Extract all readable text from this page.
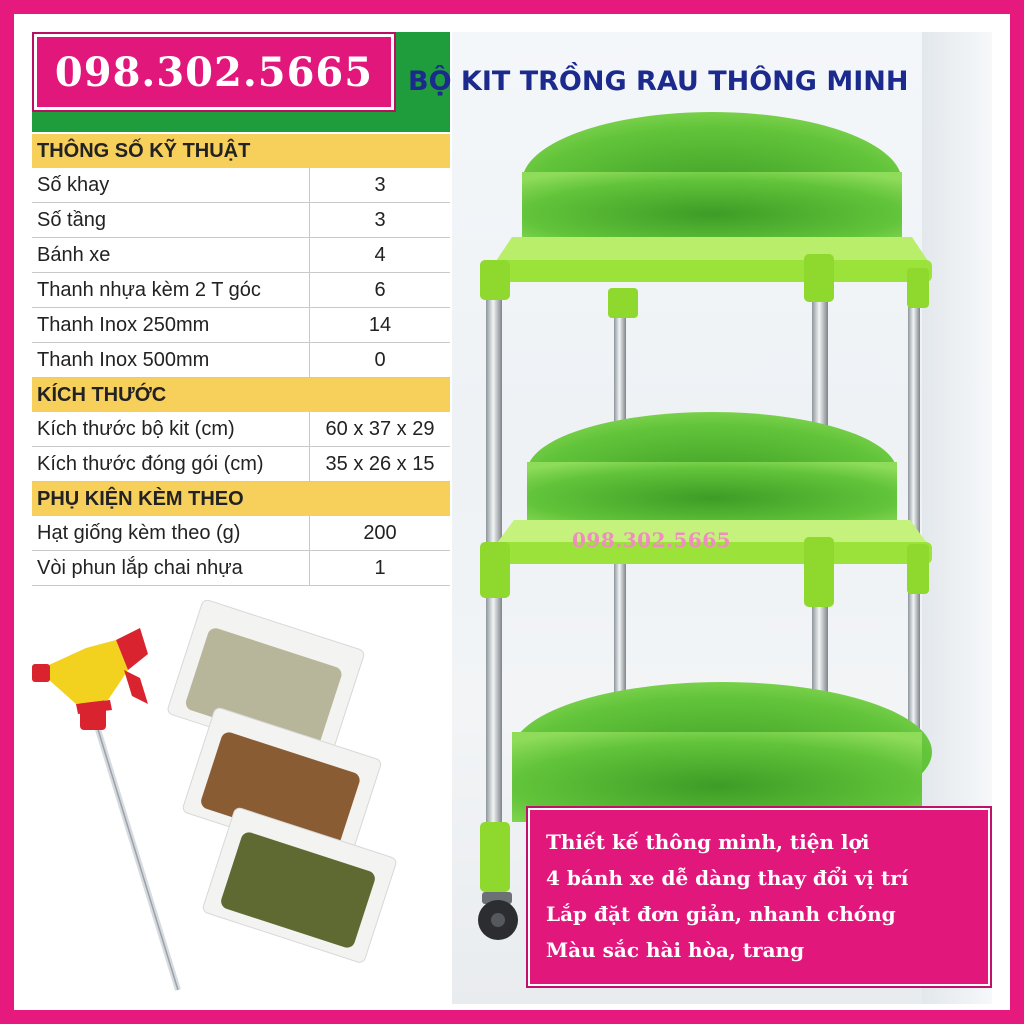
098.302.5665 BỘ KIT TRỒNG RAU THÔNG MINH
THÔNG SỐ KỸ THUẬT	
Số khay	3
Số tầng	3
Bánh xe	4
Thanh nhựa kèm 2 T góc	6
Thanh Inox 250mm	14
Thanh Inox 500mm	0
KÍCH THƯỚC	
Kích thước bộ kit (cm)	60 x 37 x 29
Kích thước đóng gói (cm)	35 x 26 x 15
PHỤ KIỆN KÈM THEO	
Hạt giống kèm theo (g)	200
Vòi phun lắp chai nhựa	1
098.302.5665
Thiết kế thông minh, tiện lợi
4 bánh xe dễ dàng thay đổi vị trí
Lắp đặt đơn giản, nhanh chóng
Màu sắc hài hòa, trang
